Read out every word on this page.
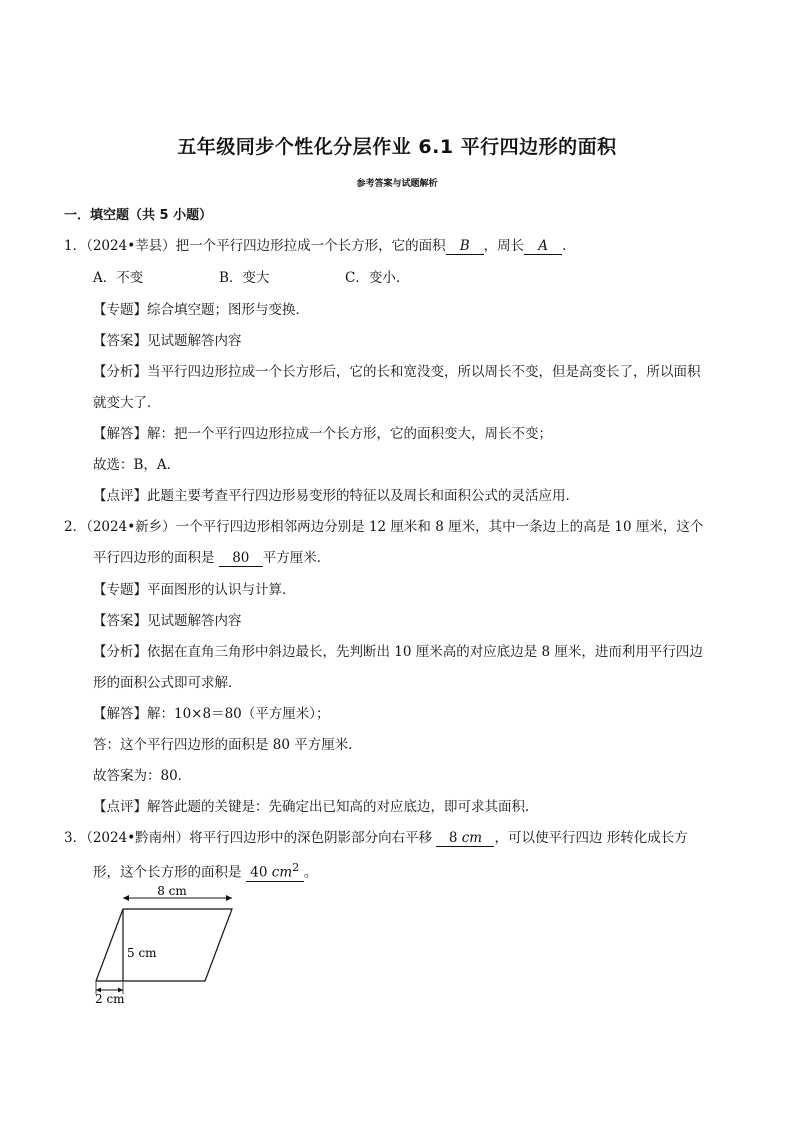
五年级同步个性化分层作业 6.1 平行四边形的面积
参考答案与试题解析
一．填空题（共 5 小题）
1．（2024•莘县）把一个平行四边形拉成一个长方形，它的面积 B ，周长 A ．
A．不变	B．变大	C．变小．
【专题】综合填空题；图形与变换．
【答案】见试题解答内容
【分析】当平行四边形拉成一个长方形后，它的长和宽没变，所以周长不变，但是高变长了，所以面积
就变大了．
【解答】解：把一个平行四边形拉成一个长方形，它的面积变大，周长不变；
故选：B，A．
【点评】此题主要考查平行四边形易变形的特征以及周长和面积公式的灵活应用．
2．（2024•新乡）一个平行四边形相邻两边分别是 12 厘米和 8 厘米，其中一条边上的高是 10 厘米，这个
平行四边形的面积是 80 平方厘米．
【专题】平面图形的认识与计算．
【答案】见试题解答内容
【分析】依据在直角三角形中斜边最长，先判断出 10 厘米高的对应底边是 8 厘米，进而利用平行四边
形的面积公式即可求解．
【解答】解：10×8＝80（平方厘米）；
答：这个平行四边形的面积是 80 平方厘米．
故答案为：80．
【点评】解答此题的关键是：先确定出已知高的对应底边，即可求其面积．
3．（2024•黔南州）将平行四边形中的深色阴影部分向右平移 8 cm ，可以使平行四边 形转化成长方
形，这个长方形的面积是 40 $cm^2$ 。
8 cm
5 cm
2 cm
